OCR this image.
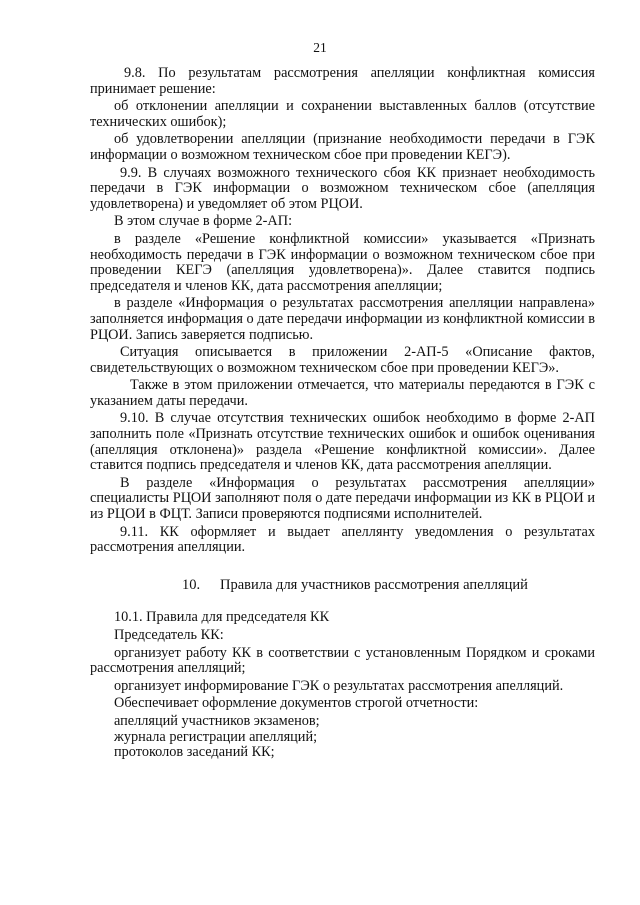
21

9.8. По результатам рассмотрения апелляции конфликтная комиссия принимает решение:

об отклонении апелляции и сохранении выставленных баллов (отсутствие технических ошибок);

об удовлетворении апелляции (признание необходимости передачи в ГЭК информации о возможном техническом сбое при проведении КЕГЭ).

9.9. В случаях возможного технического сбоя КК признает необходимость передачи в ГЭК информации о возможном техническом сбое (апелляция удовлетворена) и уведомляет об этом РЦОИ.

В этом случае в форме 2-АП:

в разделе «Решение конфликтной комиссии» указывается «Признать необходимость передачи в ГЭК информации о возможном техническом сбое при проведении КЕГЭ (апелляция удовлетворена)». Далее ставится подпись председателя и членов КК, дата рассмотрения апелляции;

в разделе «Информация о результатах рассмотрения апелляции направлена» заполняется информация о дате передачи информации из конфликтной комиссии в РЦОИ. Запись заверяется подписью.

Ситуация описывается в приложении 2-АП-5 «Описание фактов, свидетельствующих о возможном техническом сбое при проведении КЕГЭ».

Также в этом приложении отмечается, что материалы передаются в ГЭК с указанием даты передачи.

9.10. В случае отсутствия технических ошибок необходимо в форме 2-АП заполнить поле «Признать отсутствие технических ошибок и ошибок оценивания (апелляция отклонена)» раздела «Решение конфликтной комиссии». Далее ставится подпись председателя и членов КК, дата рассмотрения апелляции.

В разделе «Информация о результатах рассмотрения апелляции» специалисты РЦОИ заполняют поля о дате передачи информации из КК в РЦОИ и из РЦОИ в ФЦТ. Записи проверяются подписями исполнителей.

9.11. КК оформляет и выдает апеллянту уведомления о результатах рассмотрения апелляции.

10. Правила для участников рассмотрения апелляций

10.1. Правила для председателя КК

Председатель КК:

организует работу КК в соответствии с установленным Порядком и сроками рассмотрения апелляций;

организует информирование ГЭК о результатах рассмотрения апелляций.

Обеспечивает оформление документов строгой отчетности:

апелляций участников экзаменов;

журнала регистрации апелляций;

протоколов заседаний КК;
